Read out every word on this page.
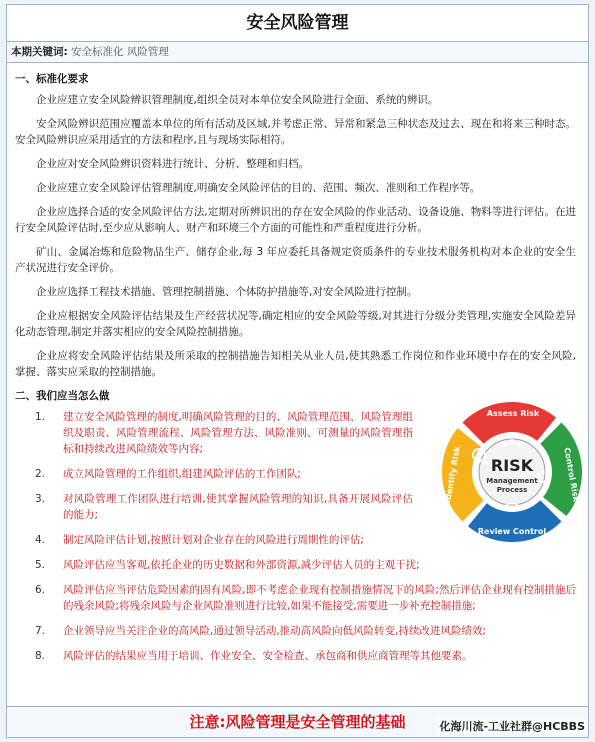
安全风险管理
本期关键词: 安全标准化 风险管理
一、标准化要求

企业应建立安全风险辨识管理制度,组织全员对本单位安全风险进行全面、系统的辨识。

安全风险辨识范围应覆盖本单位的所有活动及区域,并考虑正常、异常和紧急三种状态及过去、现在和将来三种时态。安全风险辨识应采用适宜的方法和程序,且与现场实际相符。

企业应对安全风险辨识资料进行统计、分析、整理和归档。

企业应建立安全风险评估管理制度,明确安全风险评估的目的、范围、频次、准则和工作程序等。

企业应选择合适的安全风险评估方法,定期对所辨识出的存在安全风险的作业活动、设备设施、物料等进行评估。在进行安全风险评估时,至少应从影响人、财产和环境三个方面的可能性和严重程度进行分析。

矿山、金属冶炼和危险物品生产、储存企业,每 3 年应委托具备规定资质条件的专业技术服务机构对本企业的安全生产状况进行安全评价。

企业应选择工程技术措施、管理控制措施、个体防护措施等,对安全风险进行控制。

企业应根据安全风险评估结果及生产经营状况等,确定相应的安全风险等级,对其进行分级分类管理,实施安全风险差异化动态管理,制定并落实相应的安全风险控制措施。

企业应将安全风险评估结果及所采取的控制措施告知相关从业人员,使其熟悉工作岗位和作业环境中存在的安全风险,掌握、落实应采取的控制措施。

二、我们应当怎么做
1.	建立安全风险管理的制度,明确风险管理的目的、风险管理范围、风险管理组织及职责、风险管理流程、风险管理方法、风险准则、可测量的风险管理指标和持续改进风险绩效等内容;
2.	成立风险管理的工作组织,组建风险评估的工作团队;
3.	对风险管理工作团队进行培训,使其掌握风险管理的知识,具备开展风险评估的能力;
4.	制定风险评估计划,按照计划对企业存在的风险进行周期性的评估;
5.	风险评估应当客观,依托企业的历史数据和外部资源,减少评估人员的主观干扰;
6.	风险评估应当评估危险因素的固有风险,即不考虑企业现有控制措施情况下的风险;然后评估企业现有控制措施后的残余风险;将残余风险与企业风险准则进行比较,如果不能接受,需要进一步补充控制措施;
7.	企业领导应当关注企业的高风险,通过领导活动,推动高风险向低风险转变,持续改进风险绩效;
8.	风险评估的结果应当用于培训、作业安全、安全检查、承包商和供应商管理等其他要素。
RISK
Management
Process
Assess Risk
Control Risk
Review Control
Identify Risk
注意:风险管理是安全管理的基础	化海川流-工业社群@HCBBS
